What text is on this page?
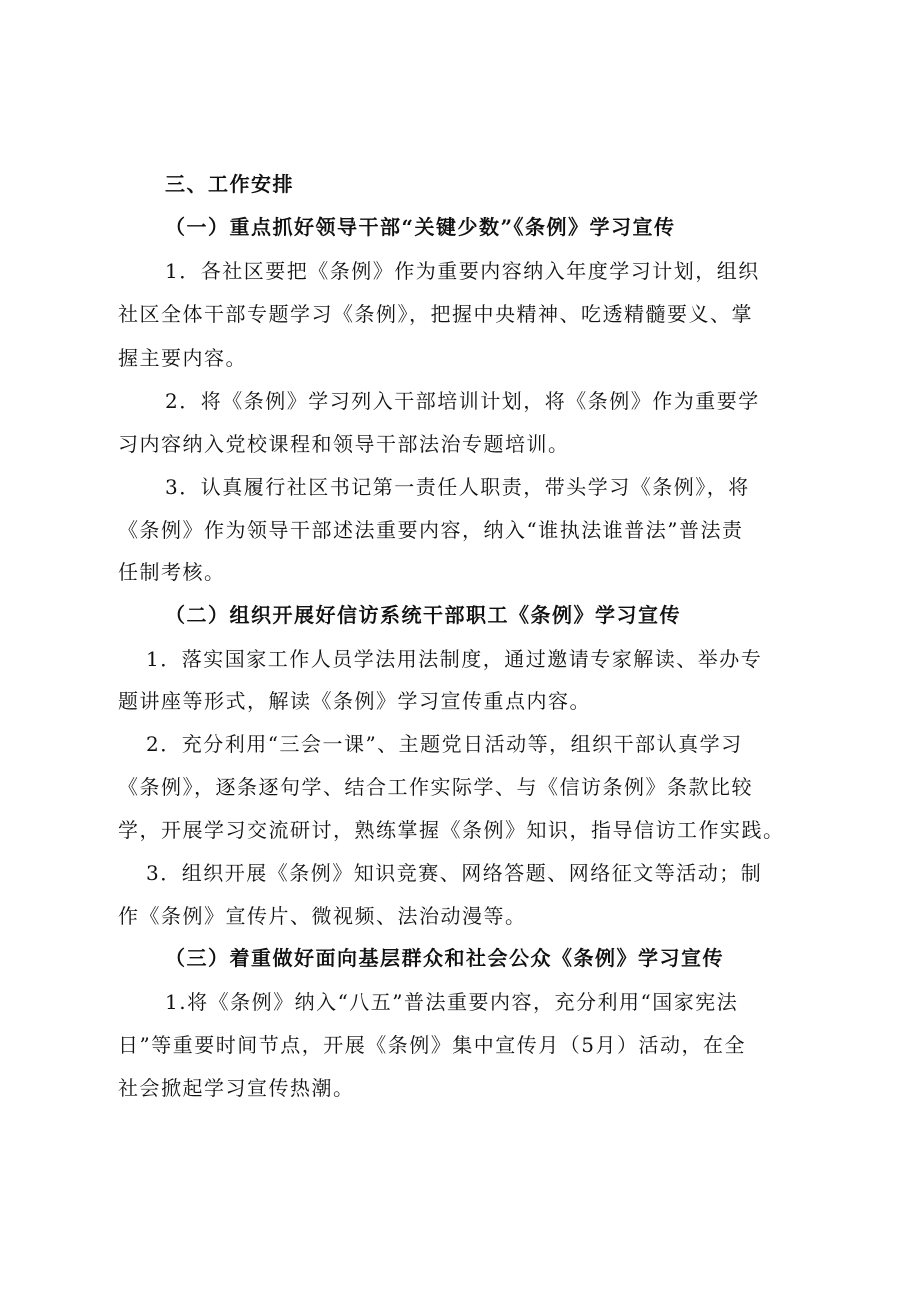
三、工作安排
（一）重点抓好领导干部“关键少数”《条例》学习宣传
1．各社区要把《条例》作为重要内容纳入年度学习计划，组织
社区全体干部专题学习《条例》，把握中央精神、吃透精髓要义、掌
握主要内容。
2．将《条例》学习列入干部培训计划，将《条例》作为重要学
习内容纳入党校课程和领导干部法治专题培训。
3．认真履行社区书记第一责任人职责，带头学习《条例》，将
《条例》作为领导干部述法重要内容，纳入“谁执法谁普法”普法责
任制考核。
（二）组织开展好信访系统干部职工《条例》学习宣传
1．落实国家工作人员学法用法制度，通过邀请专家解读、举办专
题讲座等形式，解读《条例》学习宣传重点内容。
2．充分利用“三会一课”、主题党日活动等，组织干部认真学习
《条例》，逐条逐句学、结合工作实际学、与《信访条例》条款比较
学，开展学习交流研讨，熟练掌握《条例》知识，指导信访工作实践。
3．组织开展《条例》知识竞赛、网络答题、网络征文等活动；制
作《条例》宣传片、微视频、法治动漫等。
（三）着重做好面向基层群众和社会公众《条例》学习宣传
1.将《条例》纳入“八五”普法重要内容，充分利用“国家宪法
日”等重要时间节点，开展《条例》集中宣传月（5月）活动，在全
社会掀起学习宣传热潮。
